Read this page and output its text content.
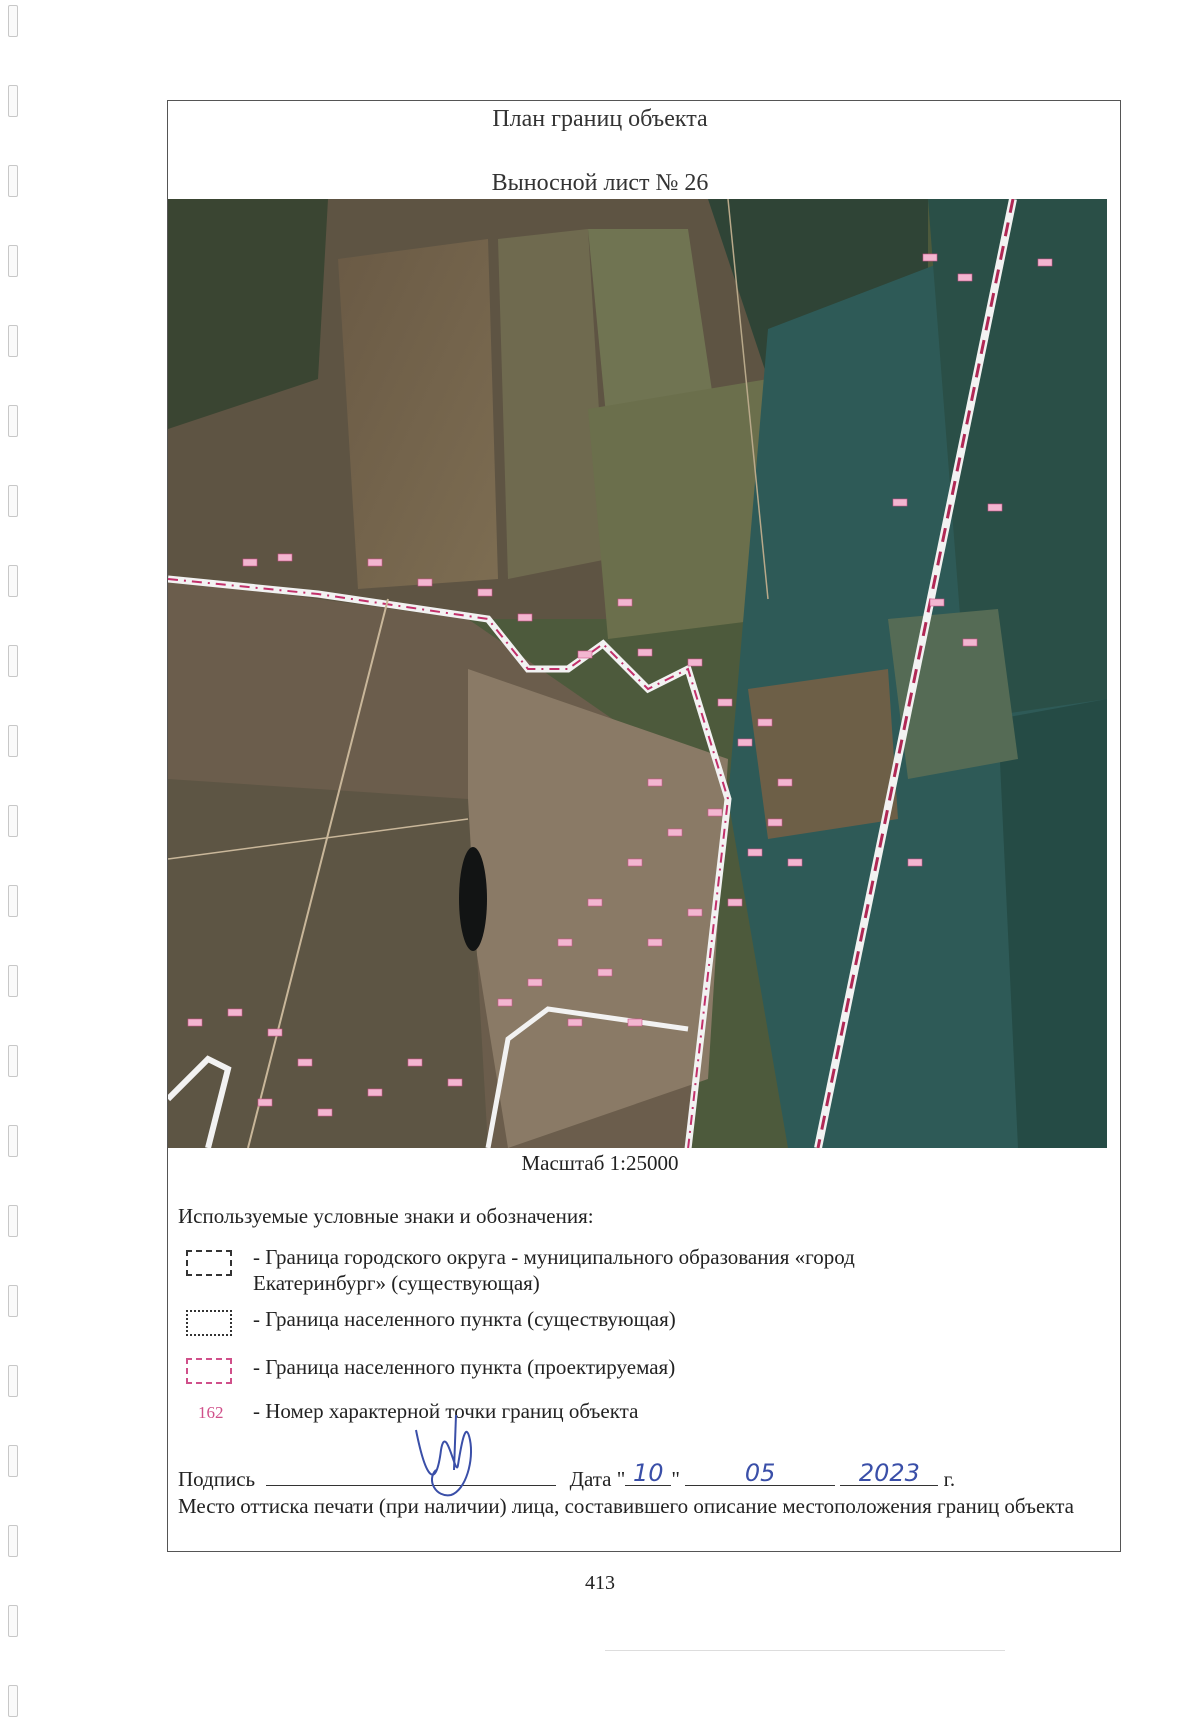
План границ объекта
Выносной лист № 26
Масштаб 1:25000
Используемые условные знаки и обозначения:
- Граница городского округа - муниципального образования «город Екатеринбург» (существующая)
- Граница населенного пункта (существующая)
- Граница населенного пункта (проектируемая)
162 - Номер характерной точки границ объекта
Подпись	Дата " 10 "	05
	2023	г.
Место оттиска печати (при наличии) лица, составившего описание местоположения границ объекта
413
